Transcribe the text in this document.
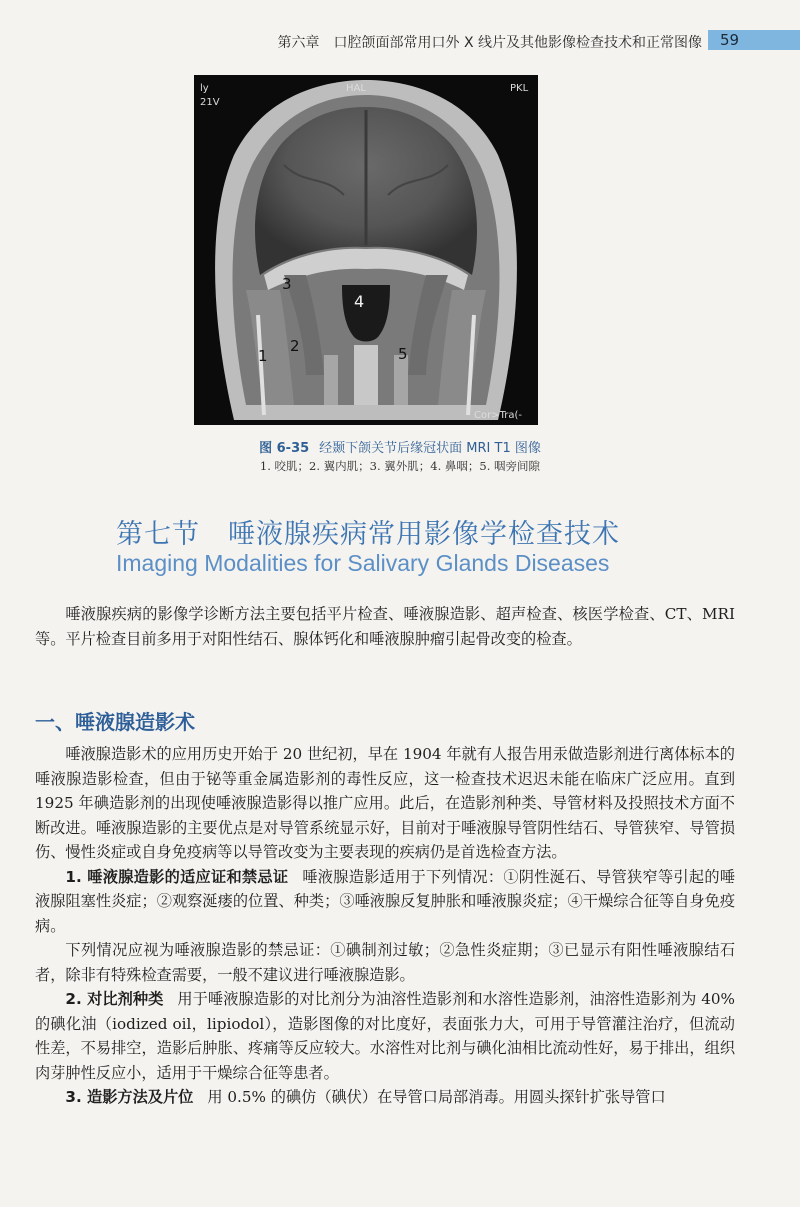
第六章　口腔颌面部常用口外 X 线片及其他影像检查技术和正常图像	59
ly
21V
HAL	PKL
Cor>Tra(-
1
2
3
4
5
图 6-35 经颞下颌关节后缘冠状面 MRI T1 图像
1. 咬肌；2. 翼内肌；3. 翼外肌；4. 鼻咽；5. 咽旁间隙
第七节 唾液腺疾病常用影像学检查技术
Imaging Modalities for Salivary Glands Diseases

唾液腺疾病的影像学诊断方法主要包括平片检查、唾液腺造影、超声检查、核医学检查、CT、MRI 等。平片检查目前多用于对阳性结石、腺体钙化和唾液腺肿瘤引起骨改变的检查。

一、唾液腺造影术

唾液腺造影术的应用历史开始于 20 世纪初，早在 1904 年就有人报告用汞做造影剂进行离体标本的唾液腺造影检查，但由于铋等重金属造影剂的毒性反应，这一检查技术迟迟未能在临床广泛应用。直到 1925 年碘造影剂的出现使唾液腺造影得以推广应用。此后，在造影剂种类、导管材料及投照技术方面不断改进。唾液腺造影的主要优点是对导管系统显示好，目前对于唾液腺导管阴性结石、导管狭窄、导管损伤、慢性炎症或自身免疫病等以导管改变为主要表现的疾病仍是首选检查方法。

1. 唾液腺造影的适应证和禁忌证 唾液腺造影适用于下列情况：①阴性涎石、导管狭窄等引起的唾液腺阻塞性炎症；②观察涎瘘的位置、种类；③唾液腺反复肿胀和唾液腺炎症；④干燥综合征等自身免疫病。

下列情况应视为唾液腺造影的禁忌证：①碘制剂过敏；②急性炎症期；③已显示有阳性唾液腺结石者，除非有特殊检查需要，一般不建议进行唾液腺造影。

2. 对比剂种类 用于唾液腺造影的对比剂分为油溶性造影剂和水溶性造影剂，油溶性造影剂为 40% 的碘化油（iodized oil，lipiodol），造影图像的对比度好，表面张力大，可用于导管灌注治疗，但流动性差，不易排空，造影后肿胀、疼痛等反应较大。水溶性对比剂与碘化油相比流动性好，易于排出，组织肉芽肿性反应小，适用于干燥综合征等患者。

3. 造影方法及片位 用 0.5% 的碘仿（碘伏）在导管口局部消毒。用圆头探针扩张导管口
